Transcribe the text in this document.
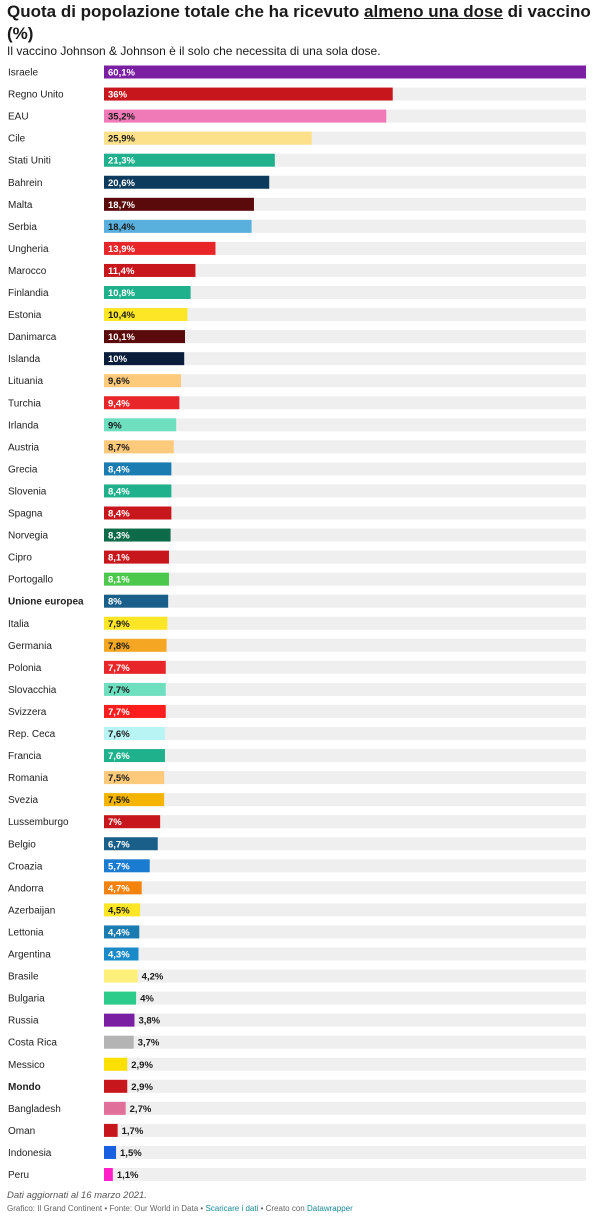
Quota di popolazione totale che ha ricevuto almeno una dose di vaccino (%)

Il vaccino Johnson & Johnson è il solo che necessita di una sola dose.

Israele	60,1%
Regno Unito	36%
EAU	35,2%
Cile	25,9%
Stati Uniti	21,3%
Bahrein	20,6%
Malta	18,7%
Serbia	18,4%
Ungheria	13,9%
Marocco	11,4%
Finlandia	10,8%
Estonia	10,4%
Danimarca	10,1%
Islanda	10%
Lituania	9,6%
Turchia	9,4%
Irlanda	9%
Austria	8,7%
Grecia	8,4%
Slovenia	8,4%
Spagna	8,4%
Norvegia	8,3%
Cipro	8,1%
Portogallo	8,1%
Unione europea	8%
Italia	7,9%
Germania	7,8%
Polonia	7,7%
Slovacchia	7,7%
Svizzera	7,7%
Rep. Ceca	7,6%
Francia	7,6%
Romania	7,5%
Svezia	7,5%
Lussemburgo	7%
Belgio	6,7%
Croazia	5,7%
Andorra	4,7%
Azerbaijan	4,5%
Lettonia	4,4%
Argentina	4,3%
Brasile	4,2%
Bulgaria	4%
Russia	3,8%
Costa Rica	3,7%
Messico	2,9%
Mondo	2,9%
Bangladesh	2,7%
Oman	1,7%
Indonesia	1,5%
Peru	1,1%

Dati aggiornati al 16 marzo 2021.

Grafico: Il Grand Continent • Fonte: Our World in Data • Scaricare i dati • Creato con Datawrapper
